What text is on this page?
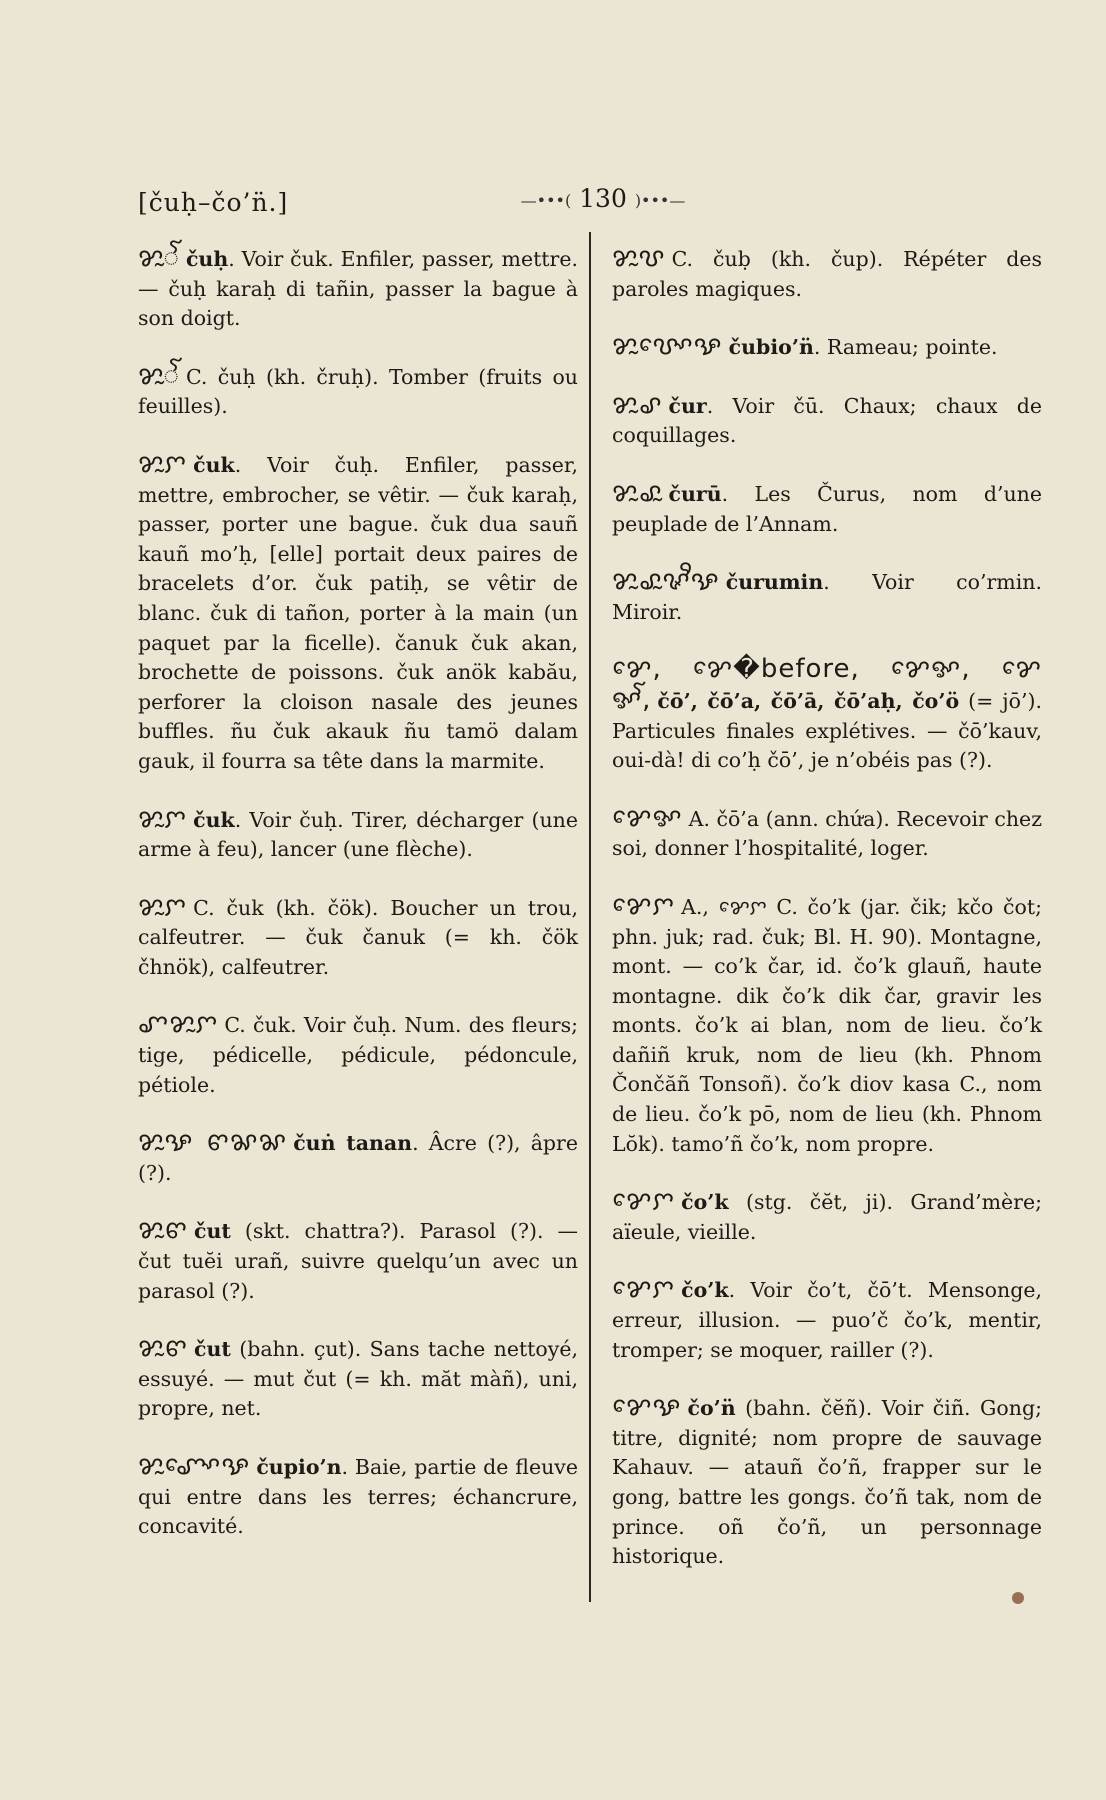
[čuḥ–čo’n̈.]	—•••( 130 )•••—
ꨌꨭꨱ čuḥ. Voir čuk. Enfiler, passer, mettre. — čuḥ karaḥ di tañin, passer la bague à son doigt.
ꨌꨭꨱ C. čuḥ (kh. čruḥ). Tomber (fruits ou feuilles).
ꨌꨭꨆ čuk. Voir čuḥ. Enfiler, passer, mettre, embrocher, se vêtir. — čuk karaḥ, passer, porter une bague. čuk dua sauñ kauñ mo’ḥ, [elle] portait deux paires de bracelets d’or. čuk patiḥ, se vêtir de blanc. čuk di tañon, porter à la main (un paquet par la ficelle). čanuk čuk akan, brochette de poissons. čuk anök kabău, perforer la cloison nasale des jeunes buffles. ñu čuk akauk ñu tamö dalam gauk, il fourra sa tête dans la marmite.
ꨌꨭꨆ čuk. Voir čuḥ. Tirer, décharger (une arme à feu), lancer (une flèche).
ꨌꨭꨆ C. čuk (kh. čök). Boucher un trou, calfeutrer. — čuk čanuk (= kh. čök čhnök), calfeutrer.
ꨚꨌꨭꨆ C. čuk. Voir čuḥ. Num. des fleurs; tige, pédicelle, pédicule, pédoncule, pétiole.
ꨌꨭꨊ ꨓꨗꨗ čuṅ tanan. Âcre (?), âpre (?).
ꨌꨭꨓ čut (skt. chattra?). Parasol (?). — čut tuĕi urañ, suivre quelqu’un avec un parasol (?).
ꨌꨭꨓ čut (bahn. çut). Sans tache nettoyé, essuyé. — mut čut (= kh. măt màñ), uni, propre, net.
ꨌꨭꨚꨳꨯꨊ čupio’n. Baie, partie de fleuve qui entre dans les terres; échancrure, concavité.
ꨌꨭꨝ C. čuḅ (kh. čup). Répéter des paroles magiques.
ꨌꨭꨝꨳꨯꨊ čubio’n̈. Rameau; pointe.
ꨌꨭꨣ čur. Voir čū. Chaux; chaux de coquillages.
ꨌꨭꨣꨭ čurū. Les Čurus, nom d’une peuplade de l’Annam.
ꨌꨭꨣꨭꨟꨪꨊ čurumin. Voir co’rmin. Miroir.
ꨌꨯ, ꨌꨯ�before, ꨌꨯꨀ, ꨌꨯꨀꨱ, čō’, čō’a, čō’ā, čō’aḥ, čo’ö (= jō’). Particules finales explétives. — čō’kauv, oui-dà! di co’ḥ čō’, je n’obéis pas (?).
ꨌꨯꨀ A. čō’a (ann. chứa). Recevoir chez soi, donner l’hospitalité, loger.
ꨌꨯꨆ A., ꨌꨯꨆ C. čo’k (jar. čik; kčo čot; phn. juk; rad. čuk; Bl. H. 90). Montagne, mont. — co’k čar, id. čo’k glauñ, haute montagne. dik čo’k dik čar, gravir les monts. čo’k ai blan, nom de lieu. čo’k dañiñ kruk, nom de lieu (kh. Phnom Čončăñ Tonsoñ). čo’k diov kasa C., nom de lieu. čo’k pō, nom de lieu (kh. Phnom Lŏk). tamo’ñ čo’k, nom propre.
ꨌꨯꨆ čo’k (stg. čĕt, ji). Grand’mère; aïeule, vieille.
ꨌꨯꨆ čo’k. Voir čo’t, čō’t. Mensonge, erreur, illusion. — puo’č čo’k, mentir, tromper; se moquer, railler (?).
ꨌꨯꨊ čo’n̈ (bahn. čĕñ). Voir čiñ. Gong; titre, dignité; nom propre de sauvage Kahauv. — atauñ čo’ñ, frapper sur le gong, battre les gongs. čo’ñ tak, nom de prince. oñ čo’ñ, un personnage historique.
